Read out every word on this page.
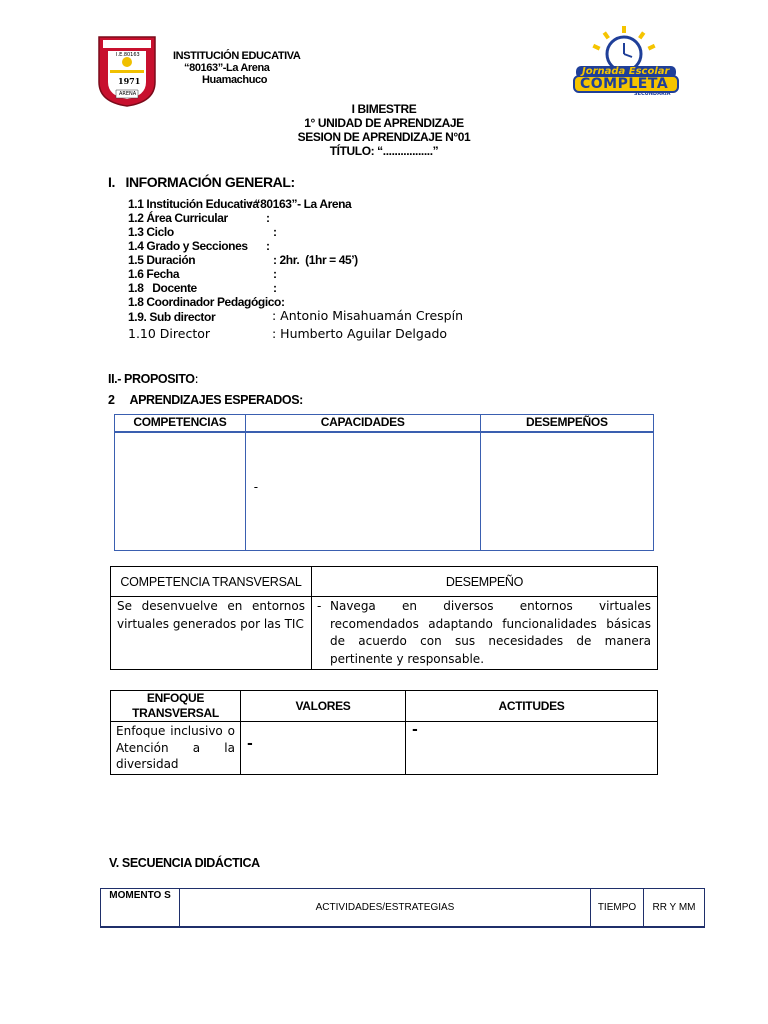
I.E.80163
1971
ARENA
INSTITUCIÓN EDUCATIVA
“80163”-La Arena
Huamachuco
Jornada Escolar
COMPLETA
SECUNDARIA
I BIMESTRE
1° UNIDAD DE APRENDIZAJE
SESION DE APRENDIZAJE N°01
TÍTULO: “.................”
I.   INFORMACIÓN GENERAL:
1.1 Institución Educativa
: “80163”- La Arena
1.2 Área Curricular	:
1.3 Ciclo	:
1.4 Grado y Secciones :
1.5 Duración	: 2hr.  (1hr = 45’)
1.6 Fecha	:
1.8   Docente	:
1.8 Coordinador Pedagógico:
1.9. Sub director	: Antonio Misahuamán Crespín
1.10 Director	: Humberto Aguilar Delgado
II.- PROPOSITO:
2     APRENDIZAJES ESPERADOS:
COMPETENCIAS	CAPACIDADES	DESEMPEÑOS

	-	

COMPETENCIA TRANSVERSAL	DESEMPEÑO
Se desenvuelve en entornos virtuales generados por las TIC	- Navega en diversos entornos virtuales recomendados adaptando funcionalidades básicas de acuerdo con sus necesidades de manera pertinente y responsable.
ENFOQUE TRANSVERSAL	VALORES	ACTITUDES
Enfoque inclusivo o Atención a la diversidad	-	-
V. SECUENCIA DIDÁCTICA
MOMENTO S	ACTIVIDADES/ESTRATEGIAS	TIEMPO	RR Y MM
